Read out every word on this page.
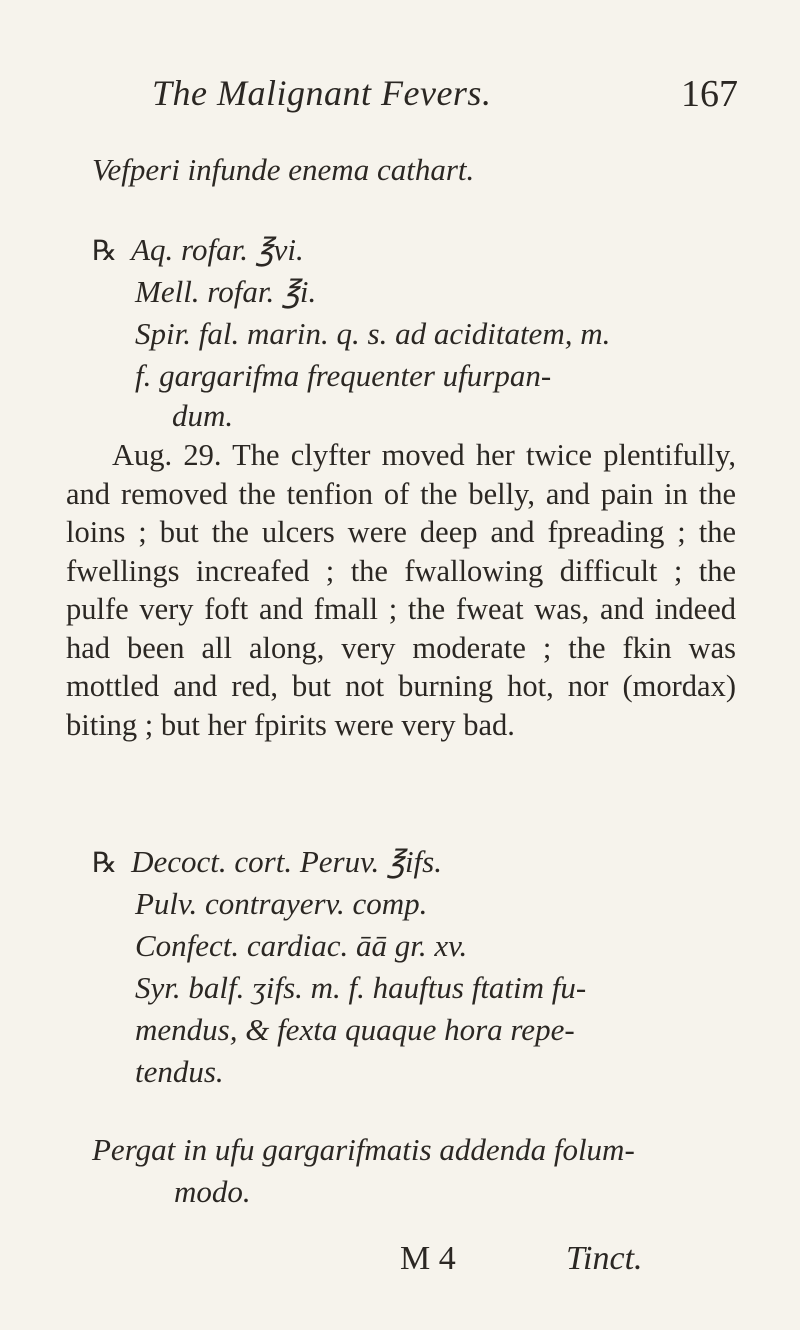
The Malignant Fevers.	167
Vefperi infunde enema cathart.
℞ Aq. rofar. ℥vi.
Mell. rofar. ℥i.
Spir. fal. marin. q. s. ad aciditatem, m.
f. gargarifma frequenter ufurpan-
dum.

Aug. 29. The clyfter moved her twice plentifully, and removed the tenfion of the belly, and pain in the loins ; but the ulcers were deep and fpreading ; the fwellings increafed ; the fwallowing difficult ; the pulfe very foft and fmall ; the fweat was, and indeed had been all along, very moderate ; the fkin was mottled and red, but not burning hot, nor (mordax) biting ; but her fpirits were very bad.

℞ Decoct. cort. Peruv. ℥ifs.
Pulv. contrayerv. comp.
Confect. cardiac. āā gr. xv.
Syr. balf. ʒifs. m. f. hauftus ftatim fu-
mendus, & fexta quaque hora repe-
tendus.
Pergat in ufu gargarifmatis addenda folum-
modo.
M 4	Tinct.
